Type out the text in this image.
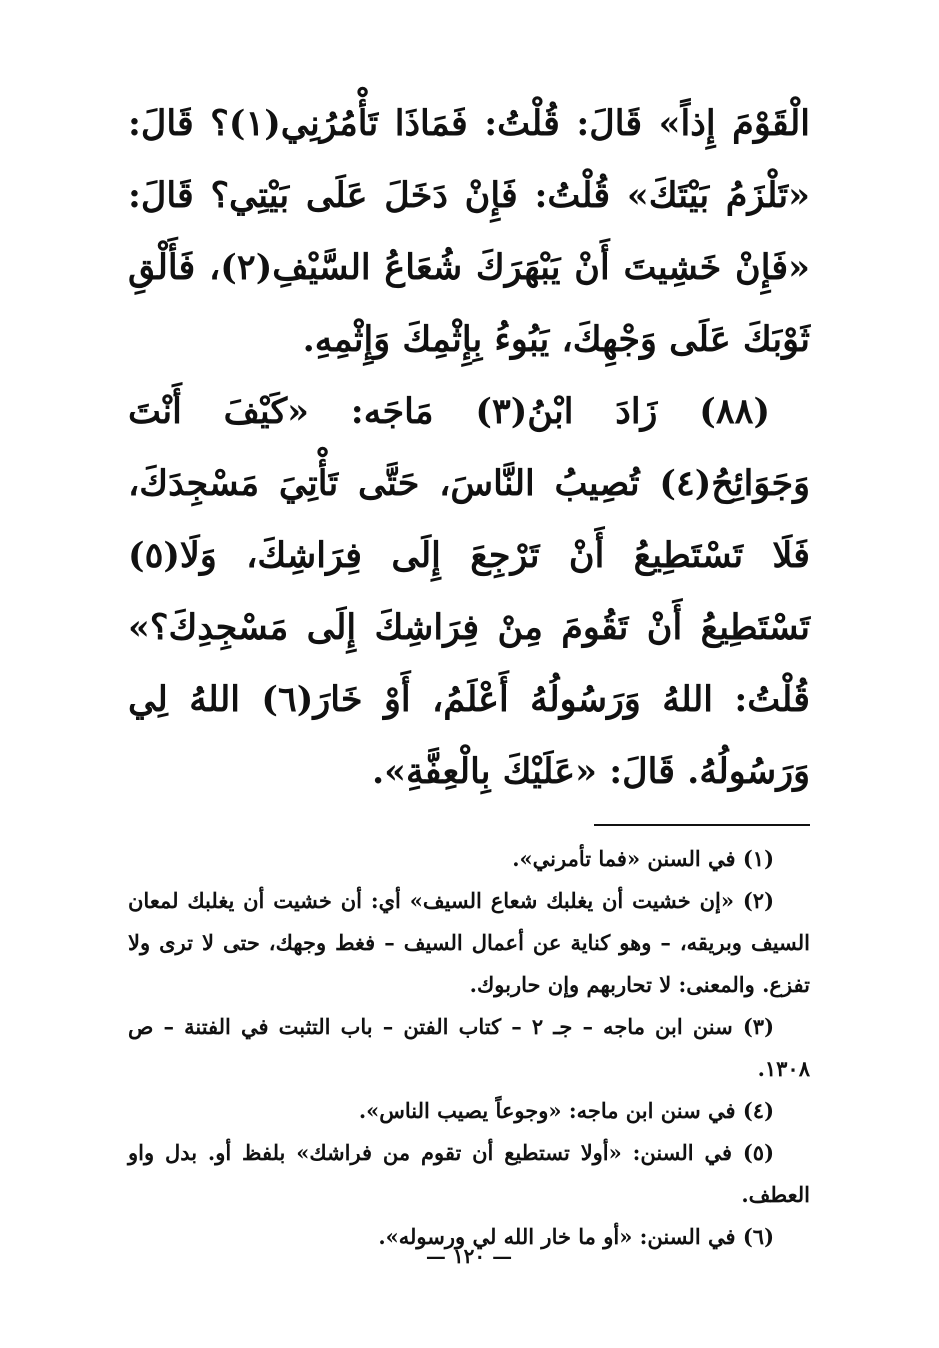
الْقَوْمَ إِذاً» قَالَ: قُلْتُ: فَمَاذَا تَأْمُرُنِي(١)؟ قَالَ: «تَلْزَمُ بَيْتَكَ» قُلْتُ: فَإِنْ دَخَلَ عَلَى بَيْتِي؟ قَالَ: «فَإِنْ خَشِيتَ أَنْ يَبْهَرَكَ شُعَاعُ السَّيْفِ(٢)، فَأَلْقِ ثَوْبَكَ عَلَى وَجْهِكَ، يَبُوءُ بِإِثْمِكَ وَإِثْمِهِ.

(٨٨) زَادَ ابْنُ(٣) مَاجَه: «كَيْفَ أَنْتَ وَجَوَائِحُ(٤) تُصِيبُ النَّاسَ، حَتَّى تَأْتِيَ مَسْجِدَكَ، فَلَا تَسْتَطِيعُ أَنْ تَرْجِعَ إِلَى فِرَاشِكَ، وَلَا(٥) تَسْتَطِيعُ أَنْ تَقُومَ مِنْ فِرَاشِكَ إِلَى مَسْجِدِكَ؟» قُلْتُ: اللهُ وَرَسُولُهُ أَعْلَمُ، أَوْ خَارَ(٦) اللهُ لِي وَرَسُولُهُ. قَالَ: «عَلَيْكَ بِالْعِفَّةِ».

(١) في السنن «فما تأمرني».

(٢) «إن خشيت أن يغلبك شعاع السيف» أي: أن خشيت أن يغلبك لمعان السيف وبريقه، – وهو كناية عن أعمال السيف – فغط وجهك، حتى لا ترى ولا تفزع. والمعنى: لا تحاربهم وإن حاربوك.

(٣) سنن ابن ماجه – جـ ٢ – كتاب الفتن – باب التثبت في الفتنة – ص ١٣٠٨.

(٤) في سنن ابن ماجه: «وجوعاً يصيب الناس».

(٥) في السنن: «أولا تستطيع أن تقوم من فراشك» بلفظ أو. بدل واو العطف.

(٦) في السنن: «أو ما خار الله لي ورسوله».

— ١٢٠ —
